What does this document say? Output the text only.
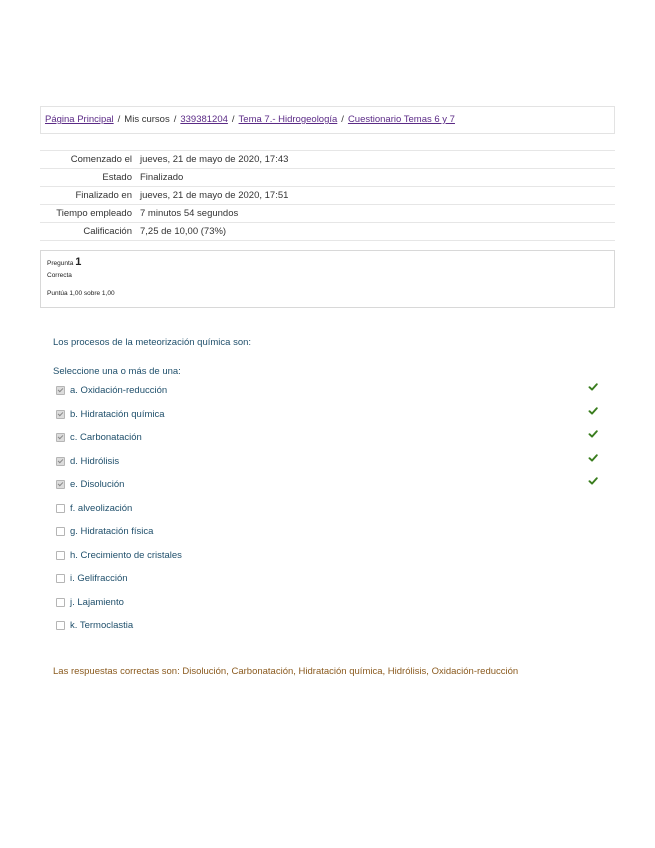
Página Principal / Mis cursos / 339381204 / Tema 7.- Hidrogeología / Cuestionario Temas 6 y 7
Comenzado el	jueves, 21 de mayo de 2020, 17:43
Estado	Finalizado
Finalizado en	jueves, 21 de mayo de 2020, 17:51
Tiempo empleado	7 minutos 54 segundos
Calificación	7,25 de 10,00 (73%)
Pregunta 1
Correcta
Puntúa 1,00 sobre 1,00
Los procesos de la meteorización química son:
Seleccione una o más de una:
a. Oxidación-reducción
b. Hidratación química
c. Carbonatación
d. Hidrólisis
e. Disolución
f. alveolización
g. Hidratación física
h. Crecimiento de cristales
i. Gelifracción
j. Lajamiento
k. Termoclastia
Las respuestas correctas son: Disolución, Carbonatación, Hidratación química, Hidrólisis, Oxidación-reducción
